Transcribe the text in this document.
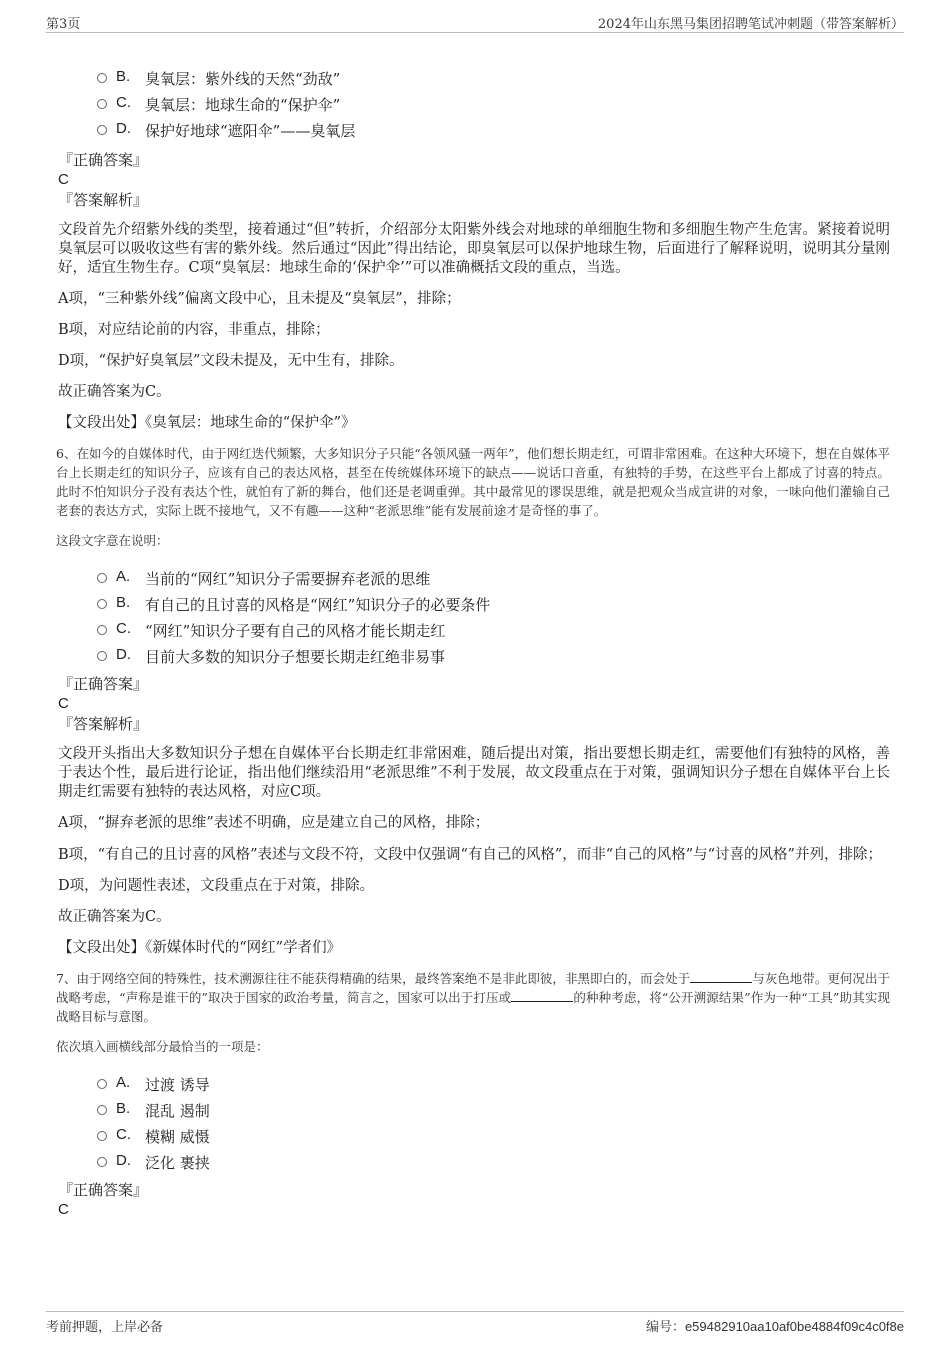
第3页	2024年山东黑马集团招聘笔试冲刺题（带答案解析）
B. 臭氧层：紫外线的天然“劲敌”
C. 臭氧层：地球生命的“保护伞”
D. 保护好地球“遮阳伞”——臭氧层
『正确答案』
C
『答案解析』

文段首先介绍紫外线的类型，接着通过“但”转折，介绍部分太阳紫外线会对地球的单细胞生物和多细胞生物产生危害。紧接着说明臭氧层可以吸收这些有害的紫外线。然后通过“因此”得出结论，即臭氧层可以保护地球生物，后面进行了解释说明，说明其分量刚好，适宜生物生存。C项“臭氧层：地球生命的‘保护伞’”可以准确概括文段的重点，当选。

A项，“三种紫外线”偏离文段中心，且未提及“臭氧层”，排除；

B项，对应结论前的内容，非重点，排除；

D项，“保护好臭氧层”文段未提及，无中生有，排除。

故正确答案为C。

【文段出处】《臭氧层：地球生命的“保护伞”》

6、在如今的自媒体时代，由于网红迭代频繁，大多知识分子只能“各领风骚一两年”，他们想长期走红，可谓非常困难。在这种大环境下，想在自媒体平台上长期走红的知识分子，应该有自己的表达风格，甚至在传统媒体环境下的缺点——说话口音重，有独特的手势，在这些平台上都成了讨喜的特点。此时不怕知识分子没有表达个性，就怕有了新的舞台，他们还是老调重弹。其中最常见的谬误思维，就是把观众当成宣讲的对象，一味向他们灌输自己老套的表达方式，实际上既不接地气，又不有趣——这种“老派思维”能有发展前途才是奇怪的事了。

这段文字意在说明：

A. 当前的“网红”知识分子需要摒弃老派的思维
B. 有自己的且讨喜的风格是“网红”知识分子的必要条件
C. “网红”知识分子要有自己的风格才能长期走红
D. 目前大多数的知识分子想要长期走红绝非易事
『正确答案』
C
『答案解析』

文段开头指出大多数知识分子想在自媒体平台长期走红非常困难，随后提出对策，指出要想长期走红，需要他们有独特的风格，善于表达个性，最后进行论证，指出他们继续沿用“老派思维”不利于发展，故文段重点在于对策，强调知识分子想在自媒体平台上长期走红需要有独特的表达风格，对应C项。

A项，“摒弃老派的思维”表述不明确，应是建立自己的风格，排除；

B项，“有自己的且讨喜的风格”表述与文段不符，文段中仅强调“有自己的风格”，而非“自己的风格”与“讨喜的风格”并列，排除；

D项，为问题性表述，文段重点在于对策，排除。

故正确答案为C。

【文段出处】《新媒体时代的“网红”学者们》

7、由于网络空间的特殊性，技术溯源往往不能获得精确的结果，最终答案绝不是非此即彼，非黑即白的，而会处于	与灰色地带。更何况出于战略考虑，“声称是谁干的”取决于国家的政治考量，简言之，国家可以出于打压或	的种种考虑，将“公开溯源结果”作为一种“工具”助其实现战略目标与意图。

依次填入画横线部分最恰当的一项是：

A. 过渡 诱导
B. 混乱 遏制
C. 模糊 威慑
D. 泛化 裹挟
『正确答案』
C
考前押题，上岸必备	编号：e59482910aa10af0be4884f09c4c0f8e
